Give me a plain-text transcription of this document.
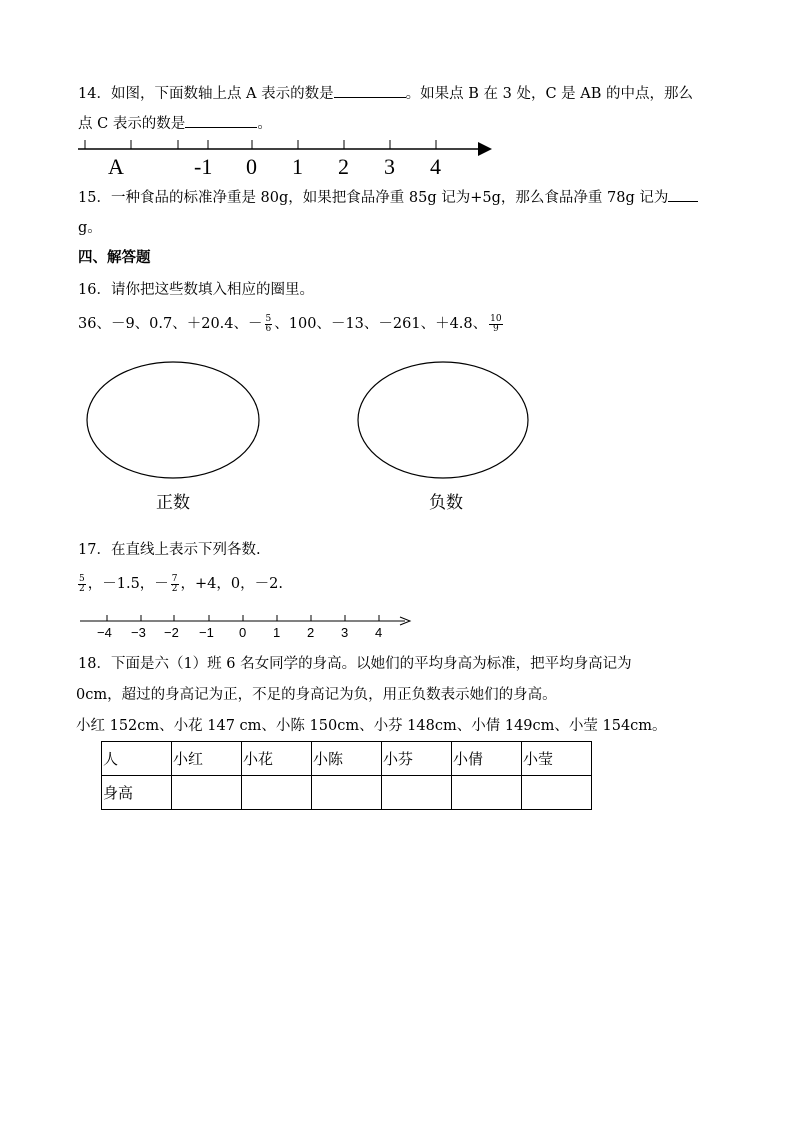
14．如图，下面数轴上点 A 表示的数是	。如果点 B 在 3 处，C 是 AB 的中点，那么
点 C 表示的数是	。
A	-1 0 1 2 3 4
15．一种食品的标准净重是 80g，如果把食品净重 85g 记为+5g，那么食品净重 78g 记为
g。
四、解答题
16．请你把这些数填入相应的圈里。
36、－9、0.7、＋20.4、－ $\frac{5}{6}$ 、100、－13、－261、＋4.8、 $\frac{10}{9}$
正数	负数
17．在直线上表示下列各数.
$\frac{5}{2}$ ，－1.5，－ $\frac{7}{2}$ ，+4，0，－2.
−4 −3 −2 −1 0 1 2 3 4
18．下面是六（1）班 6 名女同学的身高。以她们的平均身高为标准，把平均身高记为
0cm，超过的身高记为正，不足的身高记为负，用正负数表示她们的身高。
小红 152cm、小花 147 cm、小陈 150cm、小芬 148cm、小倩 149cm、小莹 154cm。
人	小红	小花	小陈	小芬	小倩	小莹
身高						
